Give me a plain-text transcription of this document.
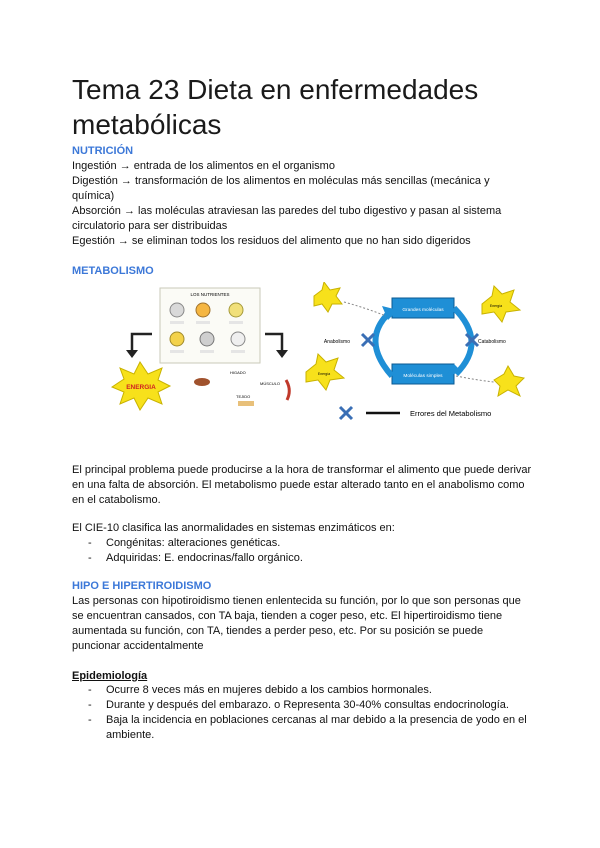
Tema 23 Dieta en enfermedades metabólicas
NUTRICIÓN
Ingestión → entrada de los alimentos en el organismo
Digestión → transformación de los alimentos en moléculas más sencillas (mecánica y química)
Absorción → las moléculas atraviesan las paredes del tubo digestivo y pasan al sistema circulatorio para ser distribuidas
Egestión → se eliminan todos los residuos del alimento que no han sido digeridos
METABOLISMO
LOS NUTRIENTES
ENERGIA
HIGADO
MÚSCULO
TEJIDO
Grandes moléculas
Moléculas simples
Anabolismo	Catabolismo
Energía
Energía
Errores del Metabolismo
El principal problema puede producirse a la hora de transformar el alimento que puede derivar en una falta de absorción. El metabolismo puede estar alterado tanto en el anabolismo como en el catabolismo.
El CIE-10 clasifica las anormalidades en sistemas enzimáticos en:
- Congénitas: alteraciones genéticas.
- Adquiridas: E. endocrinas/fallo orgánico.
HIPO E HIPERTIROIDISMO
Las personas con hipotiroidismo tienen enlentecida su función, por lo que son personas que se encuentran cansados, con TA baja, tienden a coger peso, etc. El hipertiroidismo tiene aumentada su función, con TA, tiendes a perder peso, etc. Por su posición se puede puncionar accidentalmente
Epidemiología
- Ocurre 8 veces más en mujeres debido a los cambios hormonales.
- Durante y después del embarazo. o Representa 30-40% consultas endocrinología.
- Baja la incidencia en poblaciones cercanas al mar debido a la presencia de yodo en el ambiente.
